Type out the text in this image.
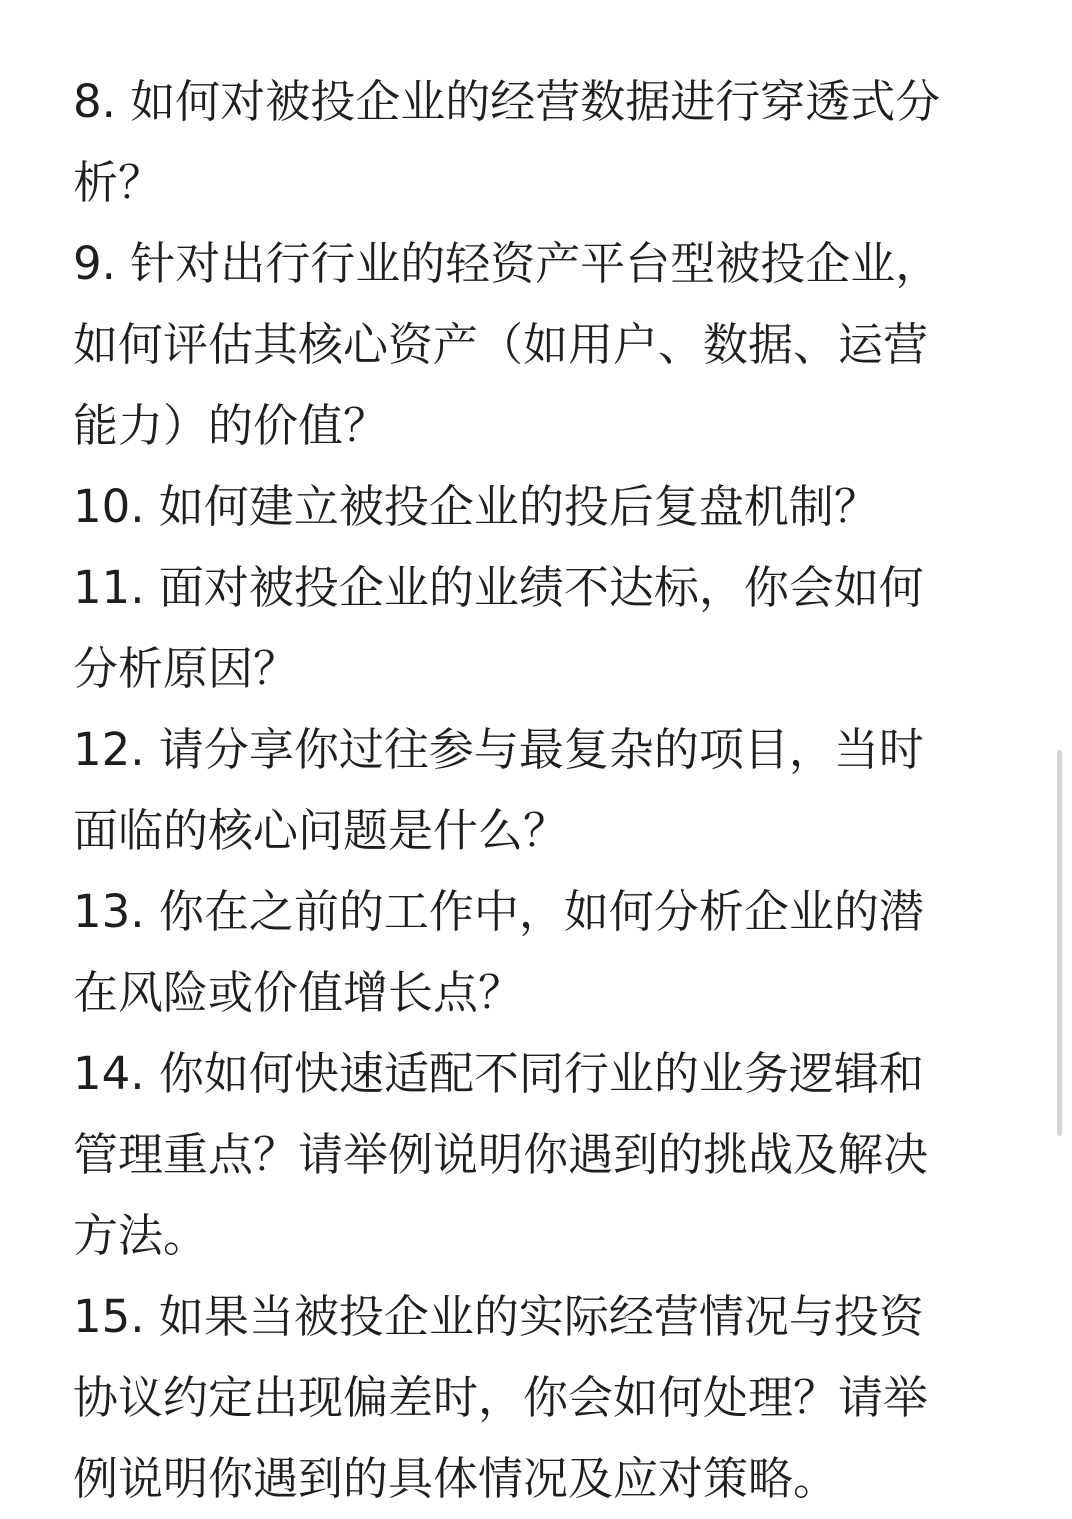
8. 如何对被投企业的经营数据进行穿透式分
析？
9. 针对出行行业的轻资产平台型被投企业，
如何评估其核心资产（如用户、数据、运营
能力）的价值？
10. 如何建立被投企业的投后复盘机制？
11. 面对被投企业的业绩不达标，你会如何
分析原因？
12. 请分享你过往参与最复杂的项目，当时
面临的核心问题是什么？
13. 你在之前的工作中，如何分析企业的潜
在风险或价值增长点？
14. 你如何快速适配不同行业的业务逻辑和
管理重点？请举例说明你遇到的挑战及解决
方法。
15. 如果当被投企业的实际经营情况与投资
协议约定出现偏差时，你会如何处理？请举
例说明你遇到的具体情况及应对策略。
